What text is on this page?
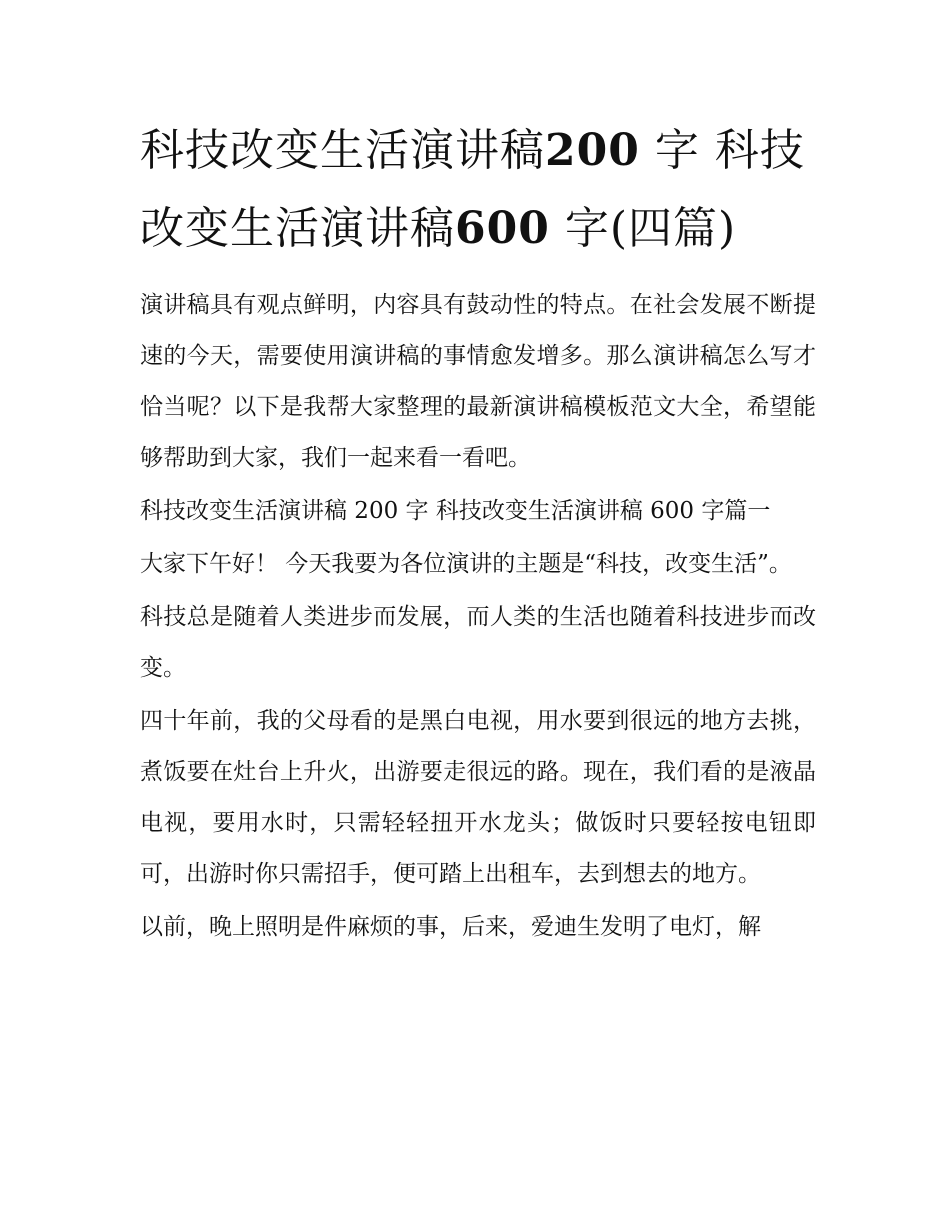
科技改变生活演讲稿200 字 科技改变生活演讲稿600 字(四篇)

演讲稿具有观点鲜明，内容具有鼓动性的特点。在社会发展不断提速的今天，需要使用演讲稿的事情愈发增多。那么演讲稿怎么写才恰当呢？以下是我帮大家整理的最新演讲稿模板范文大全，希望能够帮助到大家，我们一起来看一看吧。

科技改变生活演讲稿 200 字 科技改变生活演讲稿 600 字篇一

大家下午好！ 今天我要为各位演讲的主题是“科技，改变生活”。

科技总是随着人类进步而发展，而人类的生活也随着科技进步而改变。

四十年前，我的父母看的是黑白电视，用水要到很远的地方去挑，煮饭要在灶台上升火，出游要走很远的路。现在，我们看的是液晶电视，要用水时，只需轻轻扭开水龙头；做饭时只要轻按电钮即可，出游时你只需招手，便可踏上出租车，去到想去的地方。

以前，晚上照明是件麻烦的事，后来，爱迪生发明了电灯，解
